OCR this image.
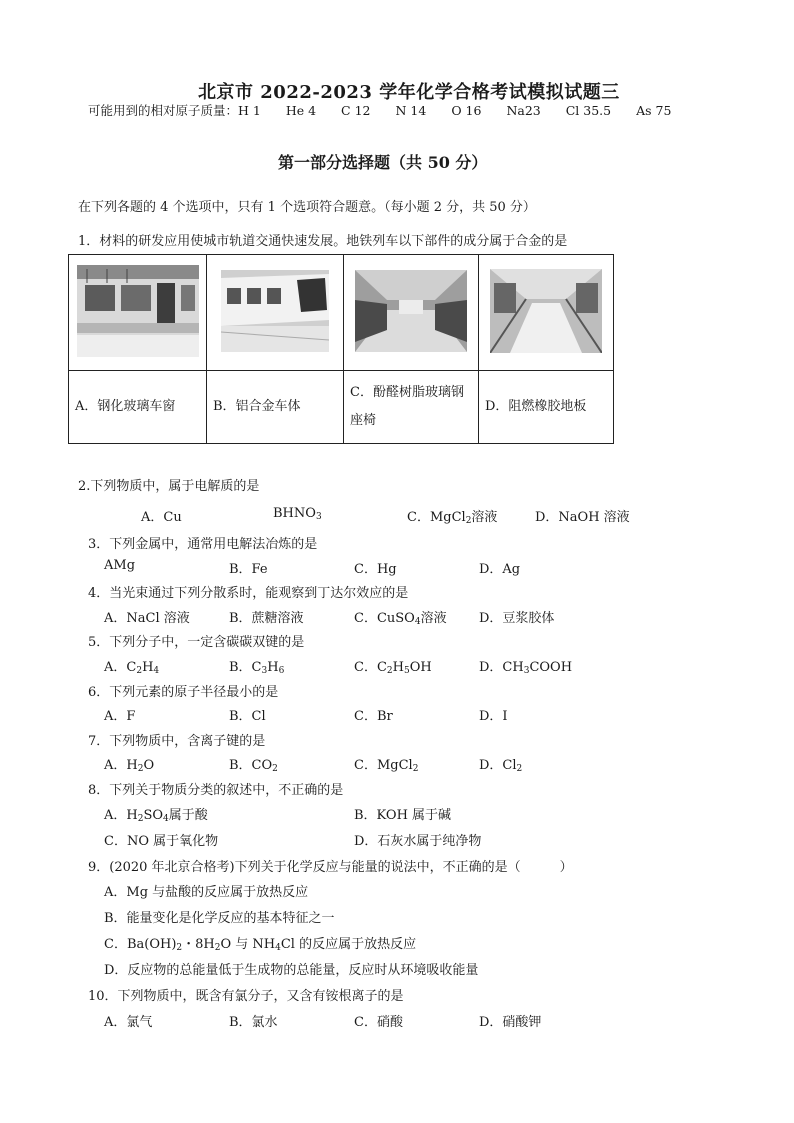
北京市 2022-2023 学年化学合格考试模拟试题三
可能用到的相对原子质量：H 1　　He 4　　C 12　　N 14　　O 16　　Na23　　Cl 35.5　　As 75
第一部分选择题（共 50 分）
在下列各题的 4 个选项中，只有 1 个选项符合题意。（每小题 2 分，共 50 分）
1．材料的研发应用使城市轨道交通快速发展。地铁列车以下部件的成分属于合金的是

A．钢化玻璃车窗	B．铝合金车体	C．酚醛树脂玻璃钢座椅	D．阻燃橡胶地板
2.下列物质中，属于电解质的是
A．Cu	$BHNO_3$	C．MgCl$_2$溶液	D．NaOH 溶液
3．下列金属中，通常用电解法冶炼的是
AMg	B．Fe	C．Hg	D．Ag
4．当光束通过下列分散系时，能观察到丁达尔效应的是
A．NaCl 溶液	B．蔗糖溶液	C．CuSO$_4$溶液 D．豆浆胶体
5．下列分子中，一定含碳碳双键的是
A．$C_2H_4$	B．$C_3H_6$	C．$C_2H_5OH$	D．$CH_3COOH$
6．下列元素的原子半径最小的是
A．F	B．Cl	C．Br	D．I
7．下列物质中，含离子键的是
A．$H_2O$	B．$CO_2$	C．MgCl$_2$	D．$Cl_2$
8．下列关于物质分类的叙述中，不正确的是
A．$H_2SO_4$属于酸	B．KOH 属于碱
C．NO 属于氧化物	D．石灰水属于纯净物
9．(2020 年北京合格考)下列关于化学反应与能量的说法中，不正确的是（　　　）
A．Mg 与盐酸的反应属于放热反应
B．能量变化是化学反应的基本特征之一
C．$Ba(OH)_2$・$8H_2O$ 与 $NH_4Cl$ 的反应属于放热反应
D．反应物的总能量低于生成物的总能量，反应时从环境吸收能量
10．下列物质中，既含有氯分子，又含有铵根离子的是
A．氯气	B．氯水	C．硝酸	D．硝酸钾
